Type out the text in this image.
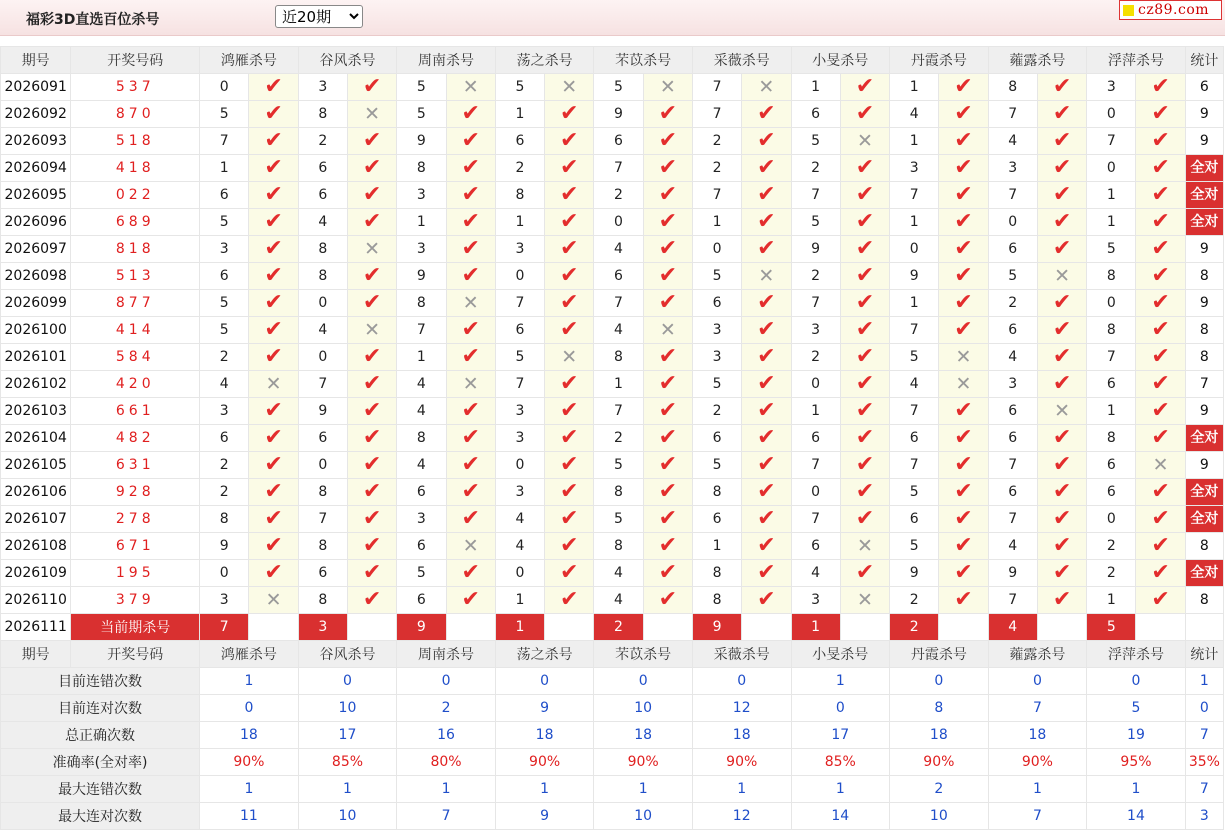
福彩3D直选百位杀号
近20期
cz89.com
期号	开奖号码	鸿雁杀号		谷风杀号		周南杀号		荡之杀号		芣苡杀号		采薇杀号		小旻杀号		丹霞杀号		蕹露杀号		浮萍杀号		统计
2026091	537	0	✔	3	✔	5	✕	5	✕	5	✕	7	✕	1	✔	1	✔	8	✔	3	✔	6
2026092	870	5	✔	8	✕	5	✔	1	✔	9	✔	7	✔	6	✔	4	✔	7	✔	0	✔	9
2026093	518	7	✔	2	✔	9	✔	6	✔	6	✔	2	✔	5	✕	1	✔	4	✔	7	✔	9
2026094	418	1	✔	6	✔	8	✔	2	✔	7	✔	2	✔	2	✔	3	✔	3	✔	0	✔	全对

2026095	022	6	✔	6	✔	3	✔	8	✔	2	✔	7	✔	7	✔	7	✔	7	✔	1	✔	全对

2026096	689	5	✔	4	✔	1	✔	1	✔	0	✔	1	✔	5	✔	1	✔	0	✔	1	✔	全对

2026097	818	3	✔	8	✕	3	✔	3	✔	4	✔	0	✔	9	✔	0	✔	6	✔	5	✔	9
2026098	513	6	✔	8	✔	9	✔	0	✔	6	✔	5	✕	2	✔	9	✔	5	✕	8	✔	8
2026099	877	5	✔	0	✔	8	✕	7	✔	7	✔	6	✔	7	✔	1	✔	2	✔	0	✔	9
2026100	414	5	✔	4	✕	7	✔	6	✔	4	✕	3	✔	3	✔	7	✔	6	✔	8	✔	8
2026101	584	2	✔	0	✔	1	✔	5	✕	8	✔	3	✔	2	✔	5	✕	4	✔	7	✔	8
2026102	420	4	✕	7	✔	4	✕	7	✔	1	✔	5	✔	0	✔	4	✕	3	✔	6	✔	7
2026103	661	3	✔	9	✔	4	✔	3	✔	7	✔	2	✔	1	✔	7	✔	6	✕	1	✔	9
2026104	482	6	✔	6	✔	8	✔	3	✔	2	✔	6	✔	6	✔	6	✔	6	✔	8	✔	全对

2026105	631	2	✔	0	✔	4	✔	0	✔	5	✔	5	✔	7	✔	7	✔	7	✔	6	✕	9
2026106	928	2	✔	8	✔	6	✔	3	✔	8	✔	8	✔	0	✔	5	✔	6	✔	6	✔	全对

2026107	278	8	✔	7	✔	3	✔	4	✔	5	✔	6	✔	7	✔	6	✔	7	✔	0	✔	全对

2026108	671	9	✔	8	✔	6	✕	4	✔	8	✔	1	✔	6	✕	5	✔	4	✔	2	✔	8
2026109	195	0	✔	6	✔	5	✔	0	✔	4	✔	8	✔	4	✔	9	✔	9	✔	2	✔	全对

2026110	379	3	✕	8	✔	6	✔	1	✔	4	✔	8	✔	3	✕	2	✔	7	✔	1	✔	8
2026111	当前期杀号	7		3		9		1		2		9		1		2		4		5		
期号	开奖号码	鸿雁杀号		谷风杀号		周南杀号		荡之杀号		芣苡杀号		采薇杀号		小旻杀号		丹霞杀号		蕹露杀号		浮萍杀号		统计
目前连错次数		1		0		0		0		0		0		1		0		0		0		1
目前连对次数		0		10		2		9		10		12		0		8		7		5		0
总正确次数		18		17		16		18		18		18		17		18		18		19		7
准确率(全对率)		90%		85%		80%		90%		90%		90%		85%		90%		90%		95%		35%
最大连错次数		1		1		1		1		1		1		1		2		1		1		7
最大连对次数		11		10		7		9		10		12		14		10		7		14		3
